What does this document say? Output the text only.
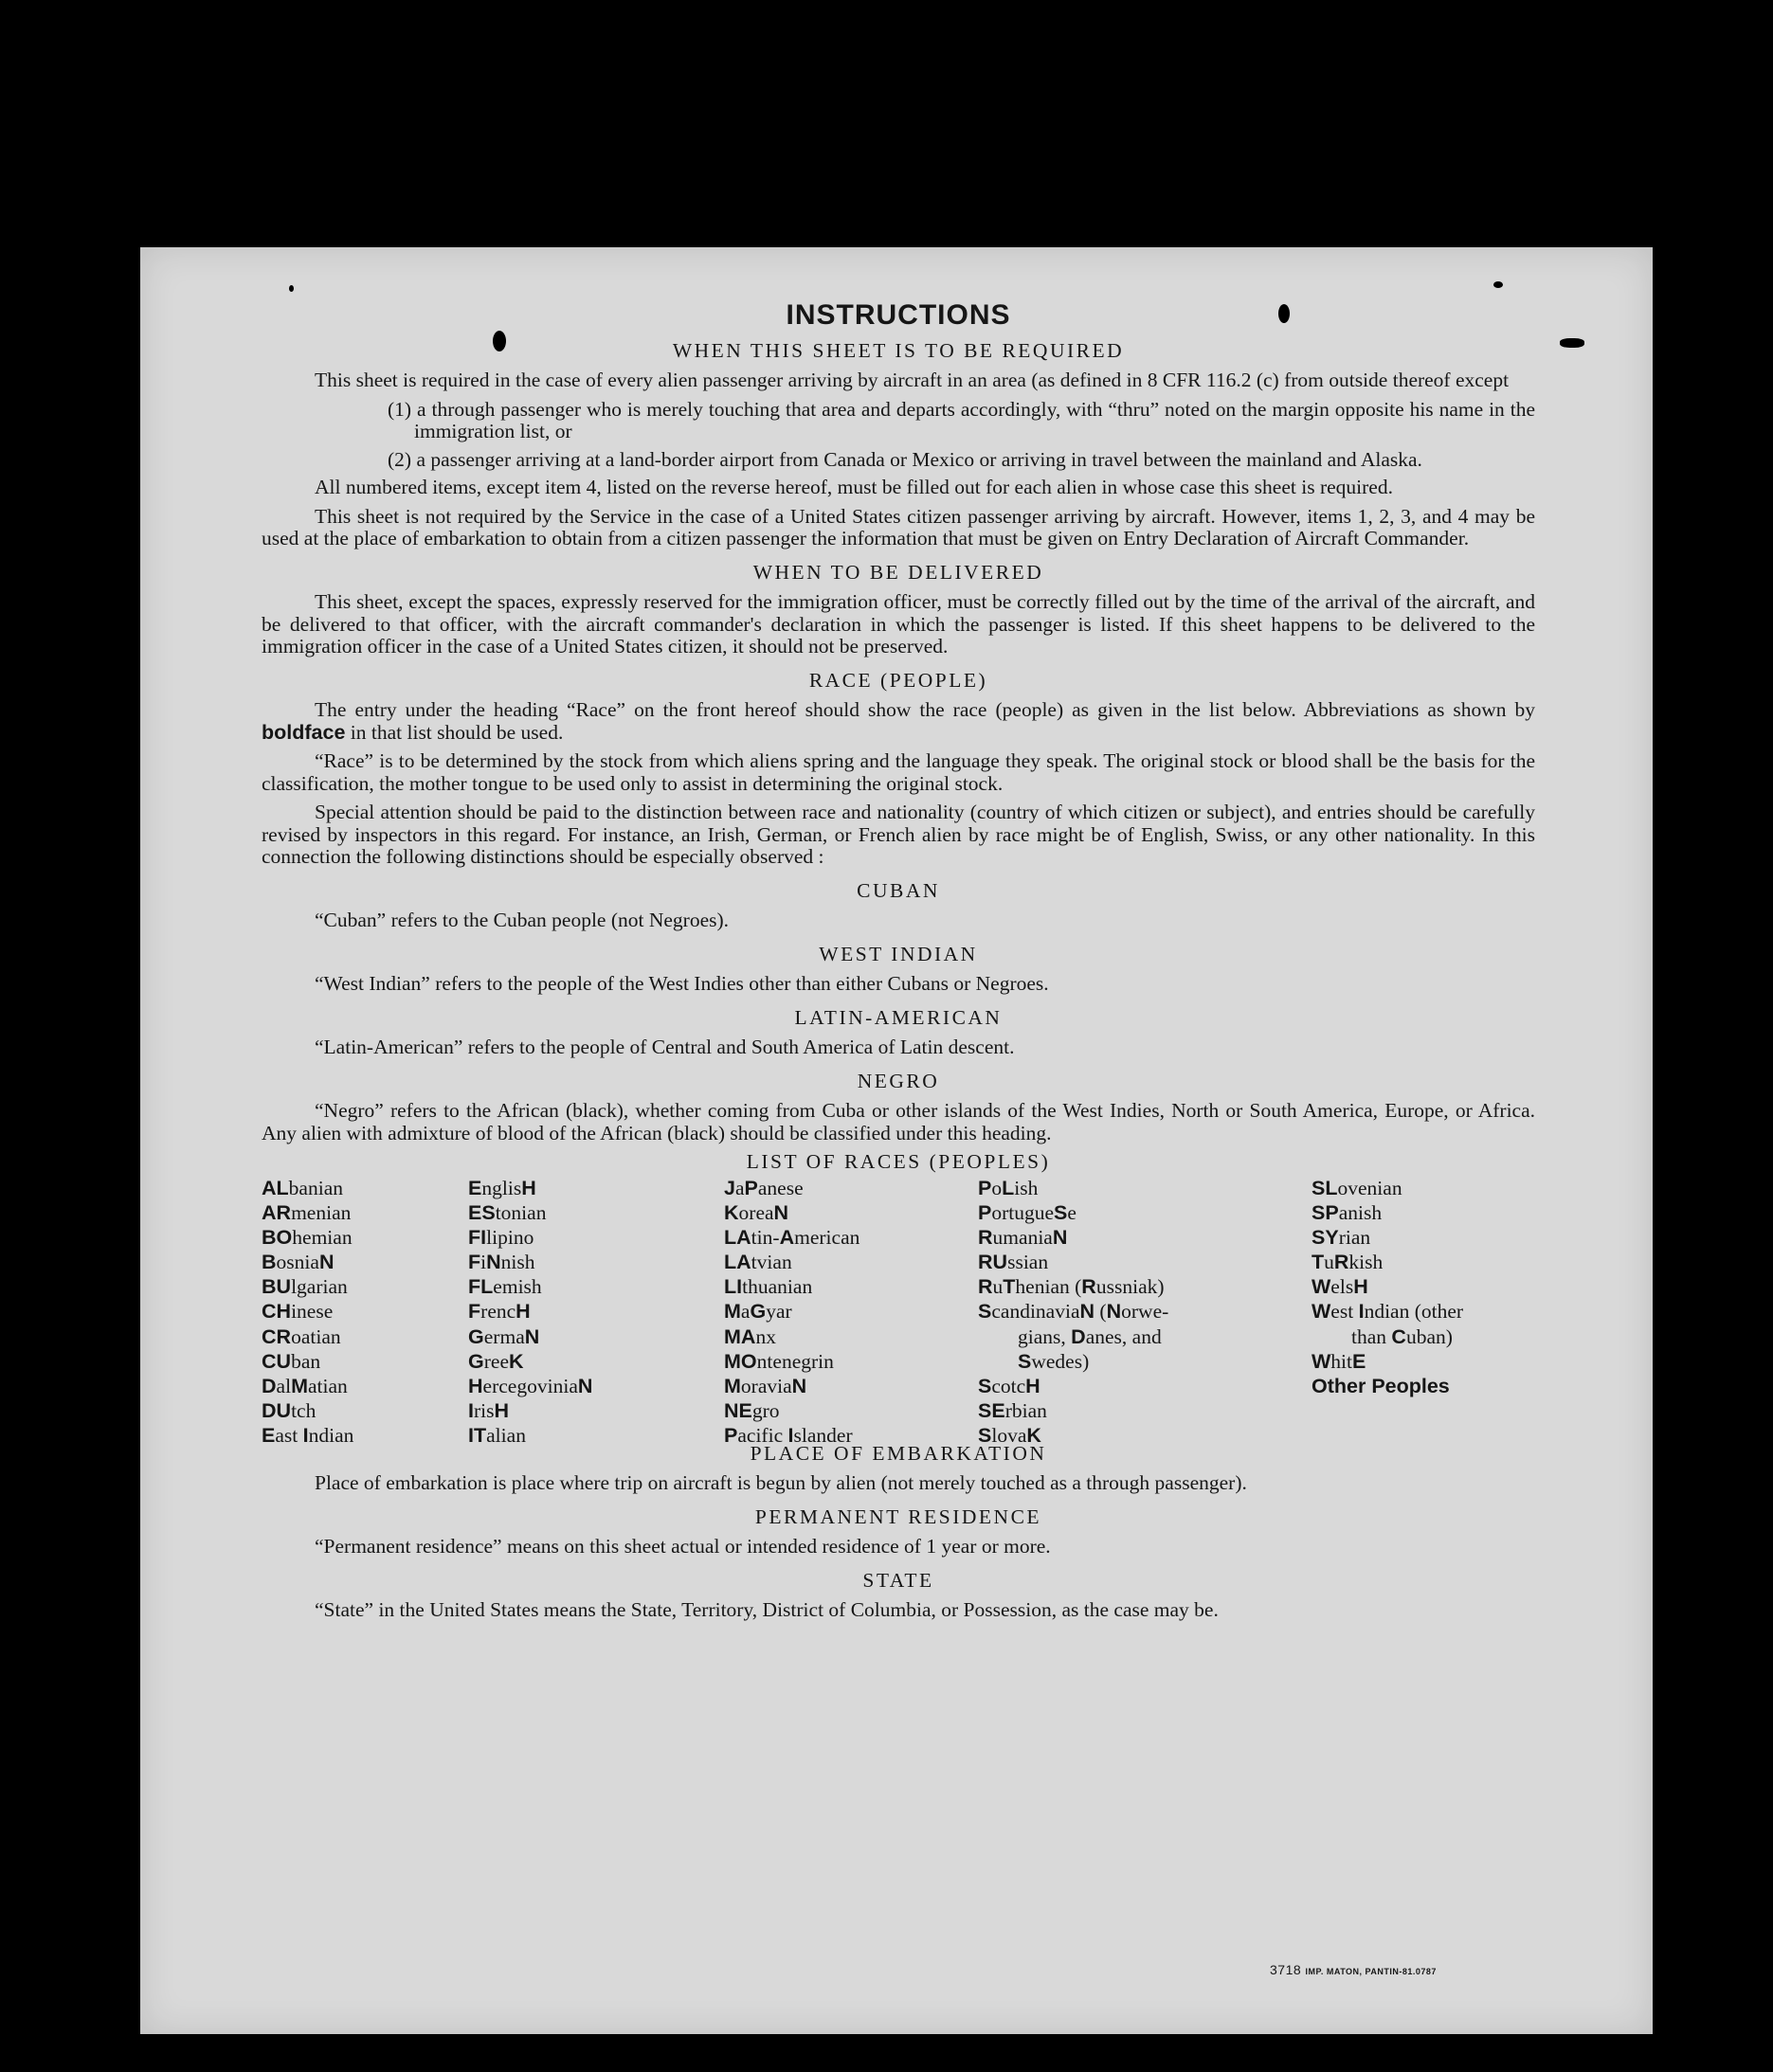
INSTRUCTIONS
WHEN THIS SHEET IS TO BE REQUIRED

This sheet is required in the case of every alien passenger arriving by aircraft in an area (as defined in 8 CFR 116.2 (c) from outside thereof except

(1) a through passenger who is merely touching that area and departs accordingly, with “thru” noted on the margin opposite his name in the immigration list, or
(2) a passenger arriving at a land-border airport from Canada or Mexico or arriving in travel between the mainland and Alaska.

All numbered items, except item 4, listed on the reverse hereof, must be filled out for each alien in whose case this sheet is required.

This sheet is not required by the Service in the case of a United States citizen passenger arriving by aircraft. However, items 1, 2, 3, and 4 may be used at the place of embarkation to obtain from a citizen passenger the information that must be given on Entry Declaration of Aircraft Commander.

WHEN TO BE DELIVERED

This sheet, except the spaces, expressly reserved for the immigration officer, must be correctly filled out by the time of the arrival of the aircraft, and be delivered to that officer, with the aircraft commander's declaration in which the passenger is listed. If this sheet happens to be delivered to the immigration officer in the case of a United States citizen, it should not be preserved.

RACE (PEOPLE)

The entry under the heading “Race” on the front hereof should show the race (people) as given in the list below. Abbreviations as shown by boldface in that list should be used.

“Race” is to be determined by the stock from which aliens spring and the language they speak. The original stock or blood shall be the basis for the classification, the mother tongue to be used only to assist in determining the original stock.

Special attention should be paid to the distinction between race and nationality (country of which citizen or subject), and entries should be carefully revised by inspectors in this regard. For instance, an Irish, German, or French alien by race might be of English, Swiss, or any other nationality. In this connection the following distinctions should be especially observed :

CUBAN

“Cuban” refers to the Cuban people (not Negroes).

WEST INDIAN

“West Indian” refers to the people of the West Indies other than either Cubans or Negroes.

LATIN-AMERICAN

“Latin-American” refers to the people of Central and South America of Latin descent.

NEGRO

“Negro” refers to the African (black), whether coming from Cuba or other islands of the West Indies, North or South America, Europe, or Africa. Any alien with admixture of blood of the African (black) should be classified under this heading.

LIST OF RACES (PEOPLES)
ALbanian
ARmenian
BOhemian
BosniaN
BUlgarian
CHinese
CRoatian
CUban
DalMatian
DUtch
East Indian
EnglisH
EStonian
FIlipino
FiNnish
FLemish
FrencH
GermaN
GreeK
HercegoviniaN
IrisH
ITalian
JaPanese
KoreaN
LAtin-American
LAtvian
LIthuanian
MaGyar
MAnx
MOntenegrin
MoraviaN
NEgro
Pacific Islander
PoLish
PortugueSe
RumaniaN
RUssian
RuThenian (Russniak)
ScandinaviaN (Norwe-
gians, Danes, and
Swedes)
ScotcH
SErbian
SlovaK
SLovenian
SPanish
SYrian
TuRkish
WelsH
West Indian (other
than Cuban)
WhitE
Other Peoples
PLACE OF EMBARKATION

Place of embarkation is place where trip on aircraft is begun by alien (not merely touched as a through passenger).

PERMANENT RESIDENCE

“Permanent residence” means on this sheet actual or intended residence of 1 year or more.

STATE

“State” in the United States means the State, Territory, District of Columbia, or Possession, as the case may be.

3718 IMP. MATON, PANTIN-81.0787
